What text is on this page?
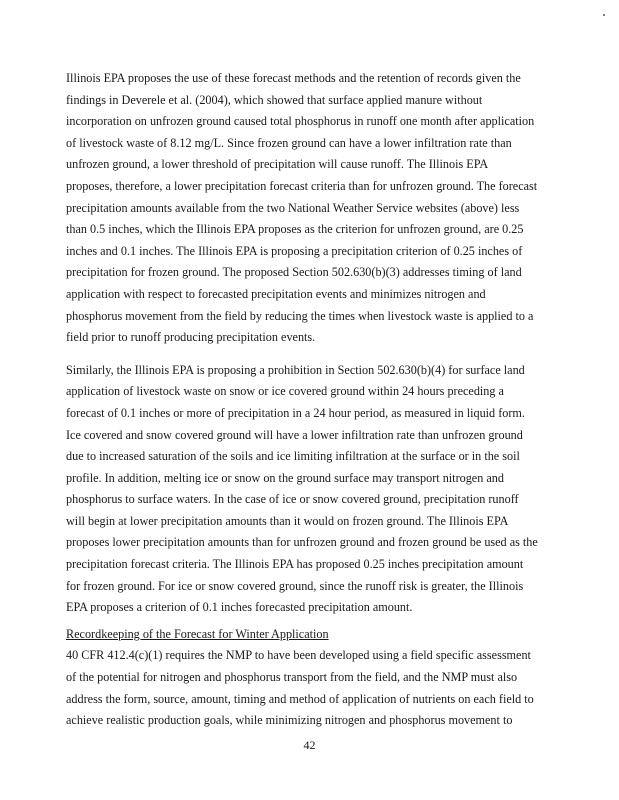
Illinois EPA proposes the use of these forecast methods and the retention of records given the
findings in Deverele et al. (2004), which showed that surface applied manure without
incorporation on unfrozen ground caused total phosphorus in runoff one month after application
of livestock waste of 8.12 mg/L. Since frozen ground can have a lower infiltration rate than
unfrozen ground, a lower threshold of precipitation will cause runoff. The Illinois EPA
proposes, therefore, a lower precipitation forecast criteria than for unfrozen ground. The forecast
precipitation amounts available from the two National Weather Service websites (above) less
than 0.5 inches, which the Illinois EPA proposes as the criterion for unfrozen ground, are 0.25
inches and 0.1 inches. The Illinois EPA is proposing a precipitation criterion of 0.25 inches of
precipitation for frozen ground. The proposed Section 502.630(b)(3) addresses timing of land
application with respect to forecasted precipitation events and minimizes nitrogen and
phosphorus movement from the field by reducing the times when livestock waste is applied to a
field prior to runoff producing precipitation events.

Similarly, the Illinois EPA is proposing a prohibition in Section 502.630(b)(4) for surface land
application of livestock waste on snow or ice covered ground within 24 hours preceding a
forecast of 0.1 inches or more of precipitation in a 24 hour period, as measured in liquid form.
Ice covered and snow covered ground will have a lower infiltration rate than unfrozen ground
due to increased saturation of the soils and ice limiting infiltration at the surface or in the soil
profile. In addition, melting ice or snow on the ground surface may transport nitrogen and
phosphorus to surface waters. In the case of ice or snow covered ground, precipitation runoff
will begin at lower precipitation amounts than it would on frozen ground. The Illinois EPA
proposes lower precipitation amounts than for unfrozen ground and frozen ground be used as the
precipitation forecast criteria. The Illinois EPA has proposed 0.25 inches precipitation amount
for frozen ground. For ice or snow covered ground, since the runoff risk is greater, the Illinois
EPA proposes a criterion of 0.1 inches forecasted precipitation amount.

Recordkeeping of the Forecast for Winter Application

40 CFR 412.4(c)(1) requires the NMP to have been developed using a field specific assessment
of the potential for nitrogen and phosphorus transport from the field, and the NMP must also
address the form, source, amount, timing and method of application of nutrients on each field to
achieve realistic production goals, while minimizing nitrogen and phosphorus movement to

42
